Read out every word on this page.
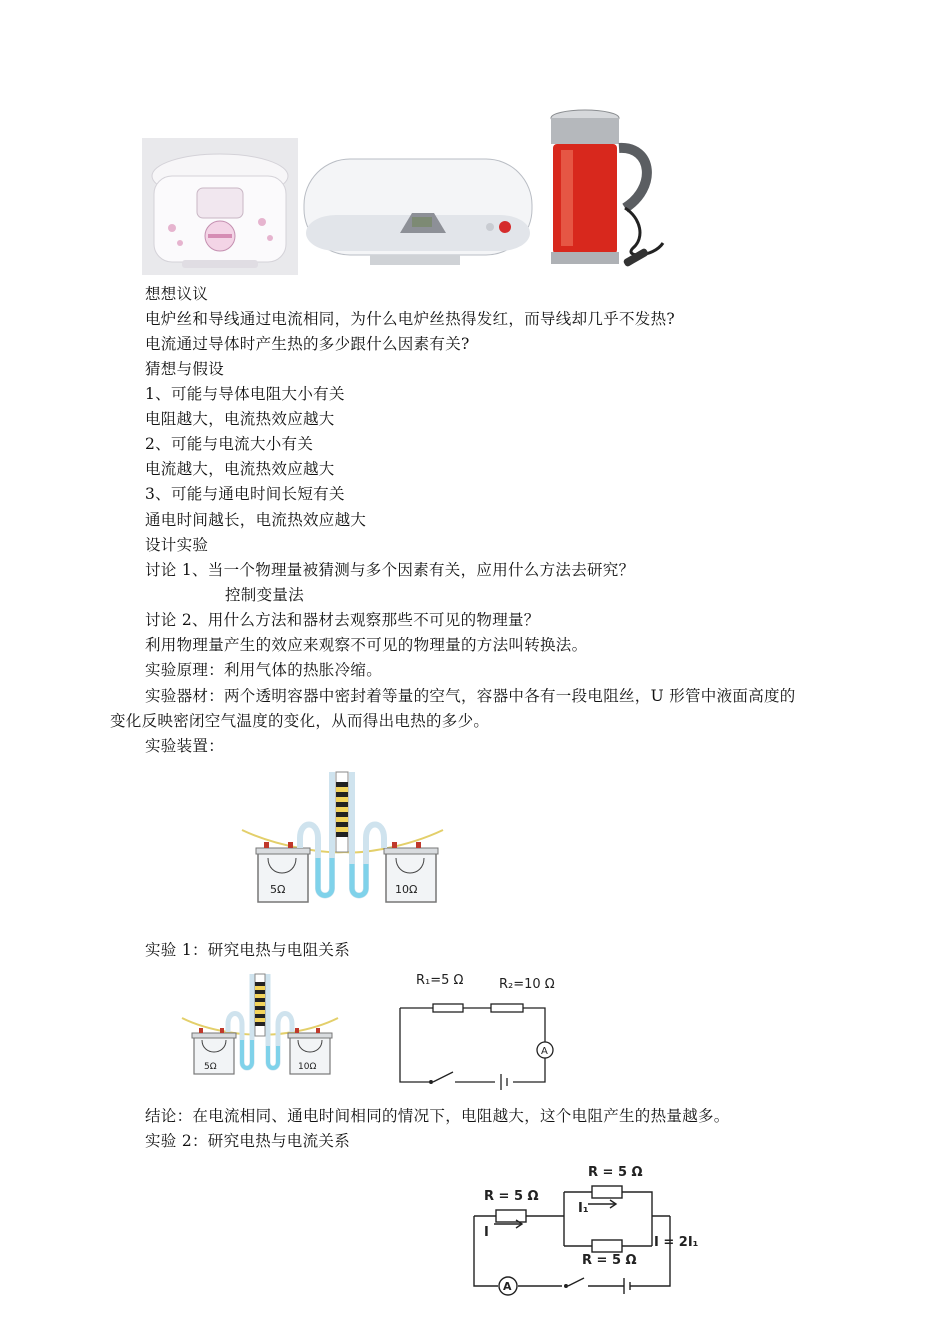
想想议议
电炉丝和导线通过电流相同，为什么电炉丝热得发红，而导线却几乎不发热?
电流通过导体时产生热的多少跟什么因素有关?
猜想与假设
1、可能与导体电阻大小有关
电阻越大，电流热效应越大
2、可能与电流大小有关
电流越大，电流热效应越大
3、可能与通电时间长短有关
通电时间越长，电流热效应越大
设计实验
讨论 1、当一个物理量被猜测与多个因素有关，应用什么方法去研究？
控制变量法
讨论 2、用什么方法和器材去观察那些不可见的物理量？
利用物理量产生的效应来观察不可见的物理量的方法叫转换法。
实验原理：利用气体的热胀冷缩。
实验器材：两个透明容器中密封着等量的空气，容器中各有一段电阻丝，U 形管中液面高度的
变化反映密闭空气温度的变化，从而得出电热的多少。
实验装置：
5Ω	10Ω
实验 1：研究电热与电阻关系
5Ω	10Ω
R₁=5 Ω	R₂=10 Ω
A
结论：在电流相同、通电时间相同的情况下，电阻越大，这个电阻产生的热量越多。
实验 2：研究电热与电流关系
R = 5 Ω
R = 5 Ω
R = 5 Ω
I
I₁
I = 2I₁
A
